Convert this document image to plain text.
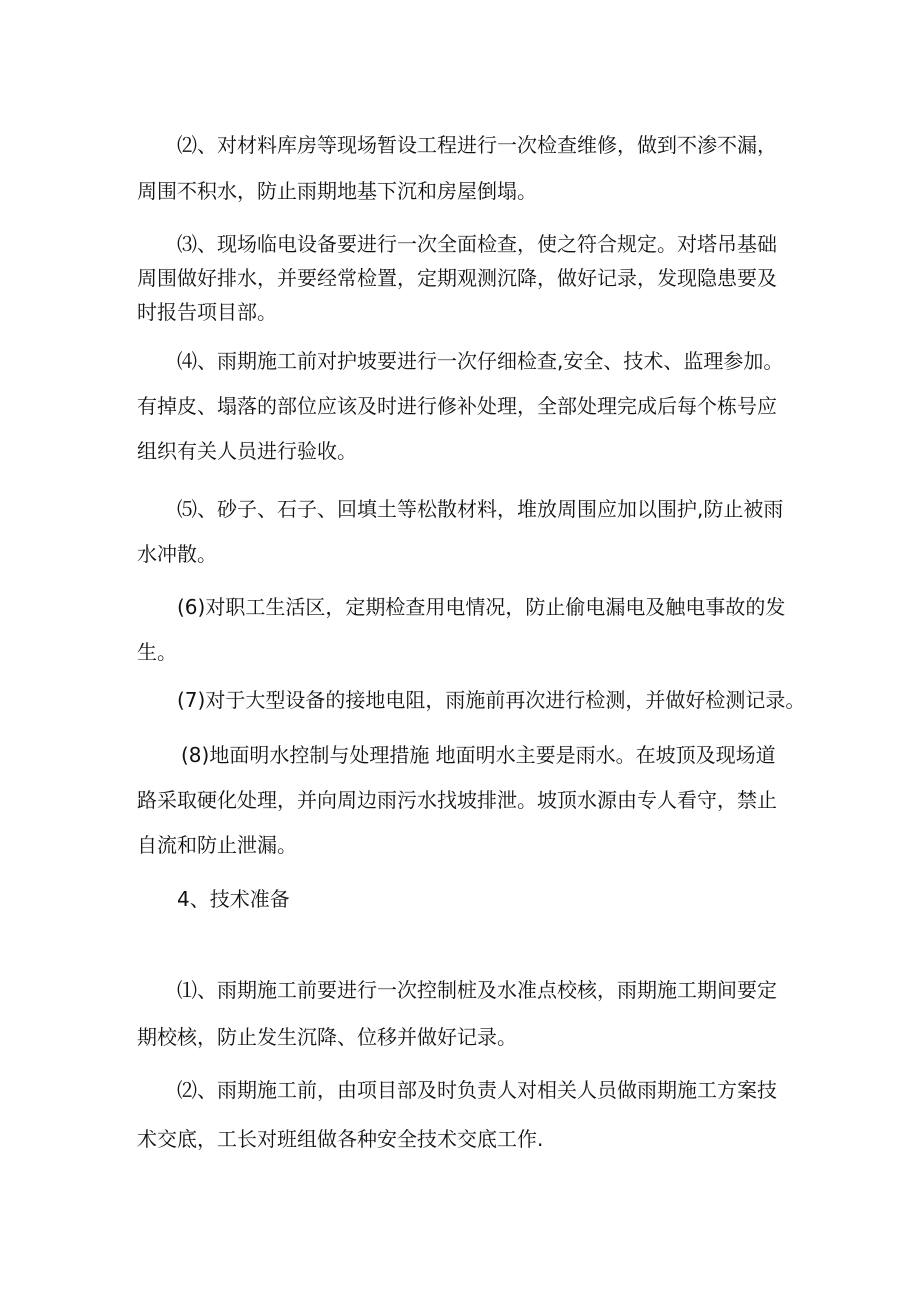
⑵、对材料库房等现场暂设工程进行一次检查维修，做到不渗不漏，
周围不积水，防止雨期地基下沉和房屋倒塌。
⑶、现场临电设备要进行一次全面检查，使之符合规定。对塔吊基础
周围做好排水，并要经常检置，定期观测沉降，做好记录，发现隐患要及
时报告项目部。
⑷、雨期施工前对护坡要进行一次仔细检查,安全、技术、监理参加。
有掉皮、塌落的部位应该及时进行修补处理，全部处理完成后每个栋号应
组织有关人员进行验收。
⑸、砂子、石子、回填土等松散材料，堆放周围应加以围护,防止被雨
水冲散。
(6)对职工生活区，定期检查用电情况，防止偷电漏电及触电事故的发
生。
(7)对于大型设备的接地电阻，雨施前再次进行检测，并做好检测记录。
(8)地面明水控制与处理措施 地面明水主要是雨水。在坡顶及现场道
路采取硬化处理，并向周边雨污水找坡排泄。坡顶水源由专人看守，禁止
自流和防止泄漏。
4、技术准备
⑴、雨期施工前要进行一次控制桩及水准点校核，雨期施工期间要定
期校核，防止发生沉降、位移并做好记录。
⑵、雨期施工前，由项目部及时负责人对相关人员做雨期施工方案技
术交底，工长对班组做各种安全技术交底工作.
